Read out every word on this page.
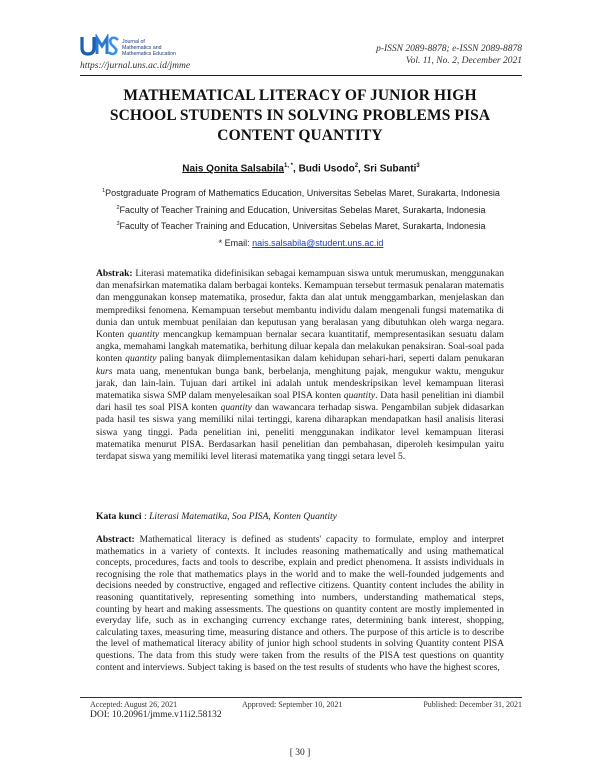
Journal of
Mathematics and
Mathematics Education
https://jurnal.uns.ac.id/jmme
p-ISSN 2089-8878; e-ISSN 2089-8878
Vol. 11, No. 2, December 2021
MATHEMATICAL LITERACY OF JUNIOR HIGH
SCHOOL STUDENTS IN SOLVING PROBLEMS PISA
CONTENT QUANTITY
Nais Qonita Salsabila$^{1, *}$, Budi Usodo$^2$, Sri Subanti$^3$
$^1$Postgraduate Program of Mathematics Education, Universitas Sebelas Maret, Surakarta, Indonesia
$^2$Faculty of Teacher Training and Education, Universitas Sebelas Maret, Surakarta, Indonesia
$^3$Faculty of Teacher Training and Education, Universitas Sebelas Maret, Surakarta, Indonesia
* Email: nais.salsabila@student.uns.ac.id
Abstrak: Literasi matematika didefinisikan sebagai kemampuan siswa untuk merumuskan, menggunakan dan menafsirkan matematika dalam berbagai konteks. Kemampuan tersebut termasuk penalaran matematis dan menggunakan konsep matematika, prosedur, fakta dan alat untuk menggambarkan, menjelaskan dan memprediksi fenomena. Kemampuan tersebut membantu individu dalam mengenali fungsi matematika di dunia dan untuk membuat penilaian dan keputusan yang beralasan yang dibutuhkan oleh warga negara. Konten quantity mencangkup kemampuan bernalar secara kuantitatif, mempresentasikan sesuatu dalam angka, memahami langkah matematika, berhitung diluar kepala dan melakukan penaksiran. Soal-soal pada konten quantity paling banyak diimplementasikan dalam kehidupan sehari-hari, seperti dalam penukaran kurs mata uang, menentukan bunga bank, berbelanja, menghitung pajak, mengukur waktu, mengukur jarak, dan lain-lain. Tujuan dari artikel ini adalah untuk mendeskripsikan level kemampuan literasi matematika siswa SMP dalam menyelesaikan soal PISA konten quantity. Data hasil penelitian ini diambil dari hasil tes soal PISA konten quantity dan wawancara terhadap siswa. Pengambilan subjek didasarkan pada hasil tes siswa yang memiliki nilai tertinggi, karena diharapkan mendapatkan hasil analisis literasi siswa yang tinggi. Pada penelitian ini, peneliti menggunakan indikator level kemampuan literasi matematika menurut PISA. Berdasarkan hasil penelitian dan pembahasan, diperoleh kesimpulan yaitu terdapat siswa yang memiliki level literasi matematika yang tinggi setara level 5.
Kata kunci : Literasi Matematika, Soa PISA, Konten Quantity
Abstract: Mathematical literacy is defined as students' capacity to formulate, employ and interpret mathematics in a variety of contexts. It includes reasoning mathematically and using mathematical concepts, procedures, facts and tools to describe, explain and predict phenomena. It assists individuals in recognising the role that mathematics plays in the world and to make the well-founded judgements and decisions needed by constructive, engaged and reflective citizens. Quantity content includes the ability in reasoning quantitatively, representing something into numbers, understanding mathematical steps, counting by heart and making assessments. The questions on quantity content are mostly implemented in everyday life, such as in exchanging currency exchange rates, determining bank interest, shopping, calculating taxes, measuring time, measuring distance and others. The purpose of this article is to describe the level of mathematical literacy ability of junior high school students in solving Quantity content PISA questions. The data from this study were taken from the results of the PISA test questions on quantity content and interviews. Subject taking is based on the test results of students who have the highest scores,
Accepted: August 26, 2021	Approved: September 10, 2021	Published: December 31, 2021
DOI: 10.20961/jmme.v11i2.58132
[ 30 ]
